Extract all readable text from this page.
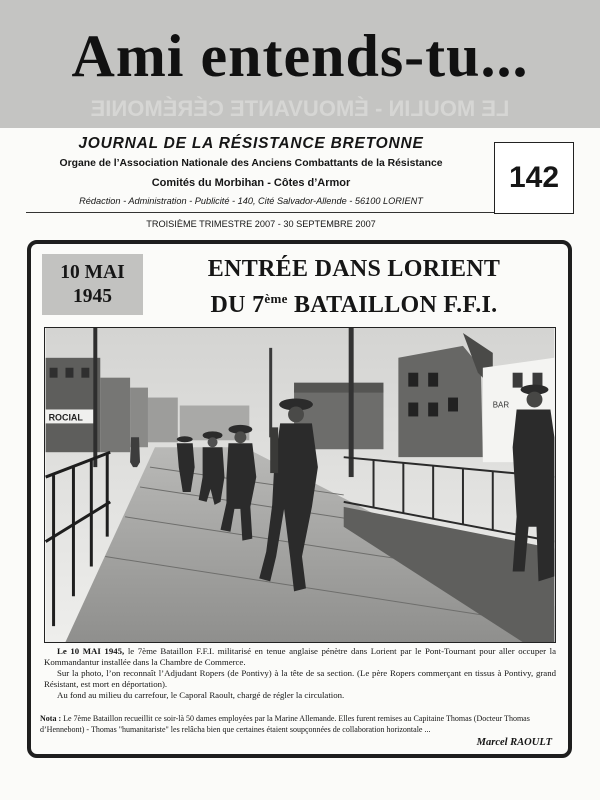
LE MOULIN - ÉMOUVANTE CÉRÉMONIE
Ami entends-tu...
JOURNAL DE LA RÉSISTANCE BRETONNE
Organe de l’Association Nationale des Anciens Combattants de la Résistance
Comités du Morbihan - Côtes d’Armor
Rédaction - Administration - Publicité - 140, Cité Salvador-Allende - 56100 LORIENT
TROISIÈME TRIMESTRE 2007 - 30 SEPTEMBRE 2007
142
10 MAI
1945
ENTRÉE DANS LORIENT
DU 7ème BATAILLON F.F.I.
ROCIAL
BAR

Le 10 MAI 1945, le 7ème Bataillon F.F.I. militarisé en tenue anglaise pénètre dans Lorient par le Pont-Tournant pour aller occuper la Kommandantur installée dans la Chambre de Commerce.

Sur la photo, l’on reconnaît l’Adjudant Ropers (de Pontivy) à la tête de sa section. (Le père Ropers commerçant en tissus à Pontivy, grand Résistant, est mort en déportation).

Au fond au milieu du carrefour, le Caporal Raoult, chargé de régler la circulation.

Nota : Le 7ème Bataillon recueillit ce soir-là 50 dames employées par la Marine Allemande. Elles furent remises au Capitaine Thomas (Docteur Thomas d’Hennebont) - Thomas "humanitariste" les relâcha bien que certaines étaient soupçonnées de collaboration horizontale ...
Marcel RAOULT
